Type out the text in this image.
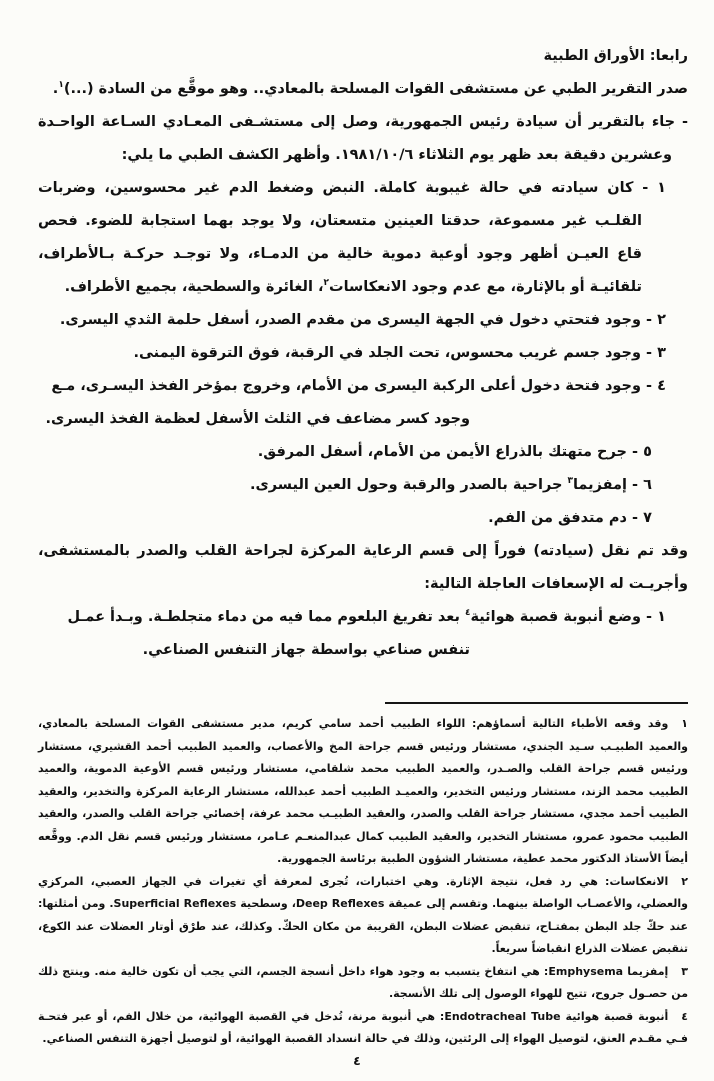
رابعا: الأوراق الطبية
صدر التقرير الطبي عن مستشفى القوات المسلحة بالمعادي.. وهو موقَّع من السادة (...)$^١$.
- جاء بالتقرير أن سيادة رئيس الجمهورية، وصل إلى مستشـفى المعـادي السـاعة الواحـدة وعشرين دقيقة بعد ظهر يوم الثلاثاء ١٩٨١/١٠/٦. وأظهر الكشف الطبي ما يلي:
١ - كان سيادته في حالة غيبوبة كاملة. النبض وضغط الدم غير محسوسين، وضربات القلـب غير مسموعة، حدقتا العينين متسعتان، ولا يوجد بهما استجابة للضوء. فحص قاع العيـن أظهر وجود أوعية دموية خالية من الدمـاء، ولا توجـد حركـة بـالأطراف، تلقائيـة أو بالإثارة، مع عدم وجود الانعكاسات$^٢$، الغائرة والسطحية، بجميع الأطراف.
٢ - وجود فتحتي دخول في الجهة اليسرى من مقدم الصدر، أسفل حلمة الثدي اليسرى.
٣ - وجود جسم غريب محسوس، تحت الجلد في الرقبة، فوق الترقوة اليمنى.
٤ - وجود فتحة دخول أعلى الركبة اليسرى من الأمام، وخروج بمؤخر الفخذ اليسـرى، مـع
وجود كسر مضاعف في الثلث الأسفل لعظمة الفخذ اليسرى.
٥ - جرح متهتك بالذراع الأيمن من الأمام، أسفل المرفق.
٦ - إمفزيما$^٣$ جراحية بالصدر والرقبة وحول العين اليسرى.
٧ - دم متدفق من الفم.
وقد تم نقل (سيادته) فوراً إلى قسم الرعاية المركزة لجراحة القلب والصدر بالمستشفى، وأجريـت له الإسعافات العاجلة التالية:
١ - وضع أنبوبة قصبة هوائية$^٤$ بعد تفريغ البلعوم مما فيه من دماء متجلطـة. وبـدأ عمـل
تنفس صناعي بواسطة جهاز التنفس الصناعي.
١وقد وقعه الأطباء التالية أسماؤهم: اللواء الطبيب أحمد سامي كريم، مدير مستشفى القوات المسلحة بالمعادي، والعميد الطبيـب سـيد الجندي، مستشار ورئيس قسم جراحة المخ والأعصاب، والعميد الطبيب أحمد القشيري، مستشار ورئيس قسم جراحة القلب والصـدر، والعميد الطبيب محمد شلقامي، مستشار ورئيس قسم الأوعية الدموية، والعميد الطبيب محمد الزند، مستشار ورئيس التخدير، والعميـد الطبيب أحمد عبدالله، مستشار الرعاية المركزة والتخدير، والعقيد الطبيب أحمد مجدي، مستشار جراحة القلب والصدر، والعقيد الطبيـب محمد عرفة، إخصائي جراحة القلب والصدر، والعقيد الطبيب محمود عمرو، مستشار التخدير، والعقيد الطبيب كمال عبدالمنعـم عـامر، مستشار ورئيس قسم نقل الدم. ووقَّعه أيضاً الأستاذ الدكتور محمد عطية، مستشار الشؤون الطبية برئاسة الجمهورية.
٢الانعكاسات: هي رد فعل، نتيجة الإثارة. وهي اختبارات، تُجرى لمعرفة أي تغيرات في الجهاز العصبي، المركزي والعضلي، والأعصـاب الواصلة بينهما. وتقسم إلى عميقة Deep Reflexes، وسطحية Superficial Reflexes. ومن أمثلتها: عند حكّ جلد البطن بمفتـاح، تنقبض عضلات البطن، القريبة من مكان الحكّ. وكذلك، عند طرْق أوتار العضلات عند الكوع، تنقبض عضلات الذراع انقباضاً سريعاً.
٣إمفزيما Emphysema: هي انتفاخ يتسبب به وجود هواء داخل أنسجة الجسم، التي يجب أن تكون خالية منه. وينتج ذلك من حصـول جروح، تتيح للهواء الوصول إلى تلك الأنسجة.
٤أنبوبة قصبة هوائية Endotracheal Tube: هي أنبوبة مرنة، تُدخل في القصبة الهوائية، من خلال الفم، أو عبر فتحـة فـي مقـدم العنق، لتوصيل الهواء إلى الرئتين، وذلك في حالة انسداد القصبة الهوائية، أو لتوصيل أجهزة التنفس الصناعي.
٤
